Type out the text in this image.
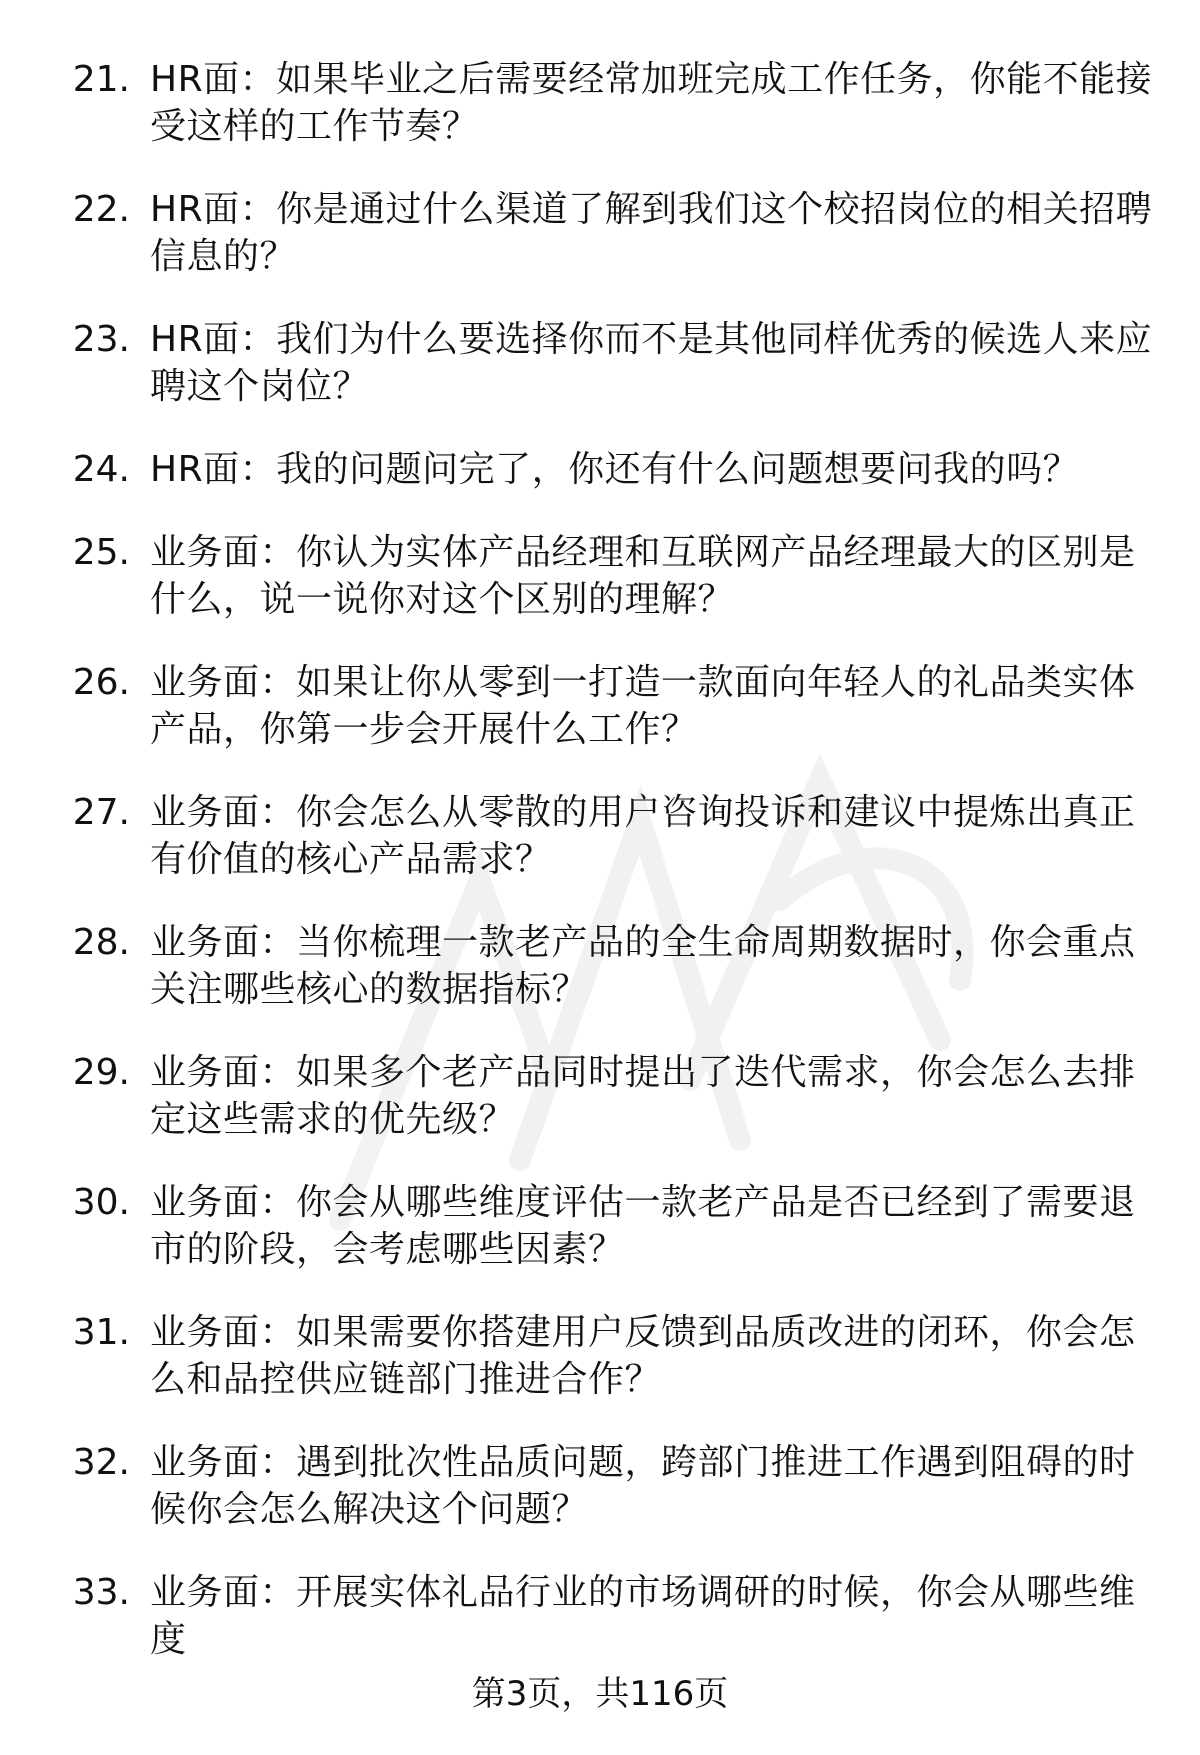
21. HR面：如果毕业之后需要经常加班完成工作任务，你能不能接受这样的工作节奏？
22. HR面：你是通过什么渠道了解到我们这个校招岗位的相关招聘信息的？
23. HR面：我们为什么要选择你而不是其他同样优秀的候选人来应聘这个岗位？
24. HR面：我的问题问完了，你还有什么问题想要问我的吗？
25. 业务面：你认为实体产品经理和互联网产品经理最大的区别是什么，说一说你对这个区别的理解？
26. 业务面：如果让你从零到一打造一款面向年轻人的礼品类实体产品，你第一步会开展什么工作？
27. 业务面：你会怎么从零散的用户咨询投诉和建议中提炼出真正有价值的核心产品需求？
28. 业务面：当你梳理一款老产品的全生命周期数据时，你会重点关注哪些核心的数据指标？
29. 业务面：如果多个老产品同时提出了迭代需求，你会怎么去排定这些需求的优先级？
30. 业务面：你会从哪些维度评估一款老产品是否已经到了需要退市的阶段，会考虑哪些因素？
31. 业务面：如果需要你搭建用户反馈到品质改进的闭环，你会怎么和品控供应链部门推进合作？
32. 业务面：遇到批次性品质问题，跨部门推进工作遇到阻碍的时候你会怎么解决这个问题？
33. 业务面：开展实体礼品行业的市场调研的时候，你会从哪些维度
第3页，共116页
